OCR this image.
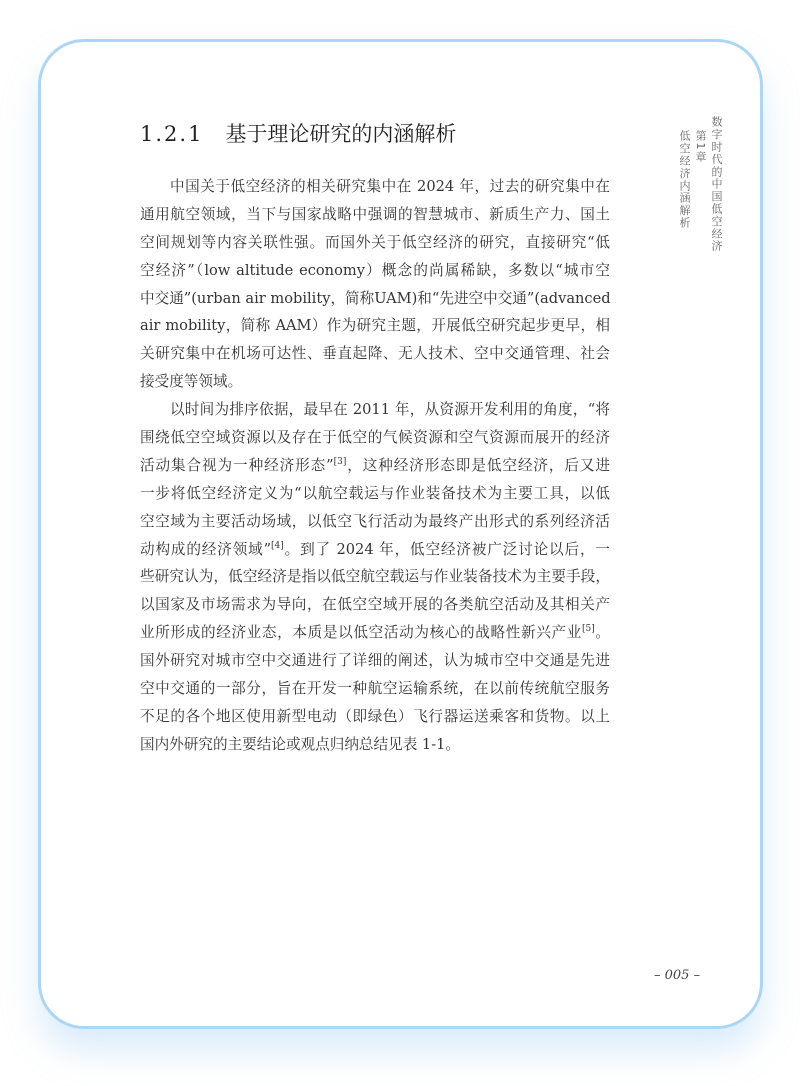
1.2.1 基于理论研究的内涵解析
中国关于低空经济的相关研究集中在 2024 年，过去的研究集中在
通用航空领域，当下与国家战略中强调的智慧城市、新质生产力、国土
空间规划等内容关联性强。而国外关于低空经济的研究，直接研究“低
空经济”（low altitude economy）概念的尚属稀缺，多数以“城市空
中交通”(urban air mobility，简称UAM)和“先进空中交通”(advanced
air mobility，简称 AAM）作为研究主题，开展低空研究起步更早，相
关研究集中在机场可达性、垂直起降、无人技术、空中交通管理、社会
接受度等领域。
以时间为排序依据，最早在 2011 年，从资源开发利用的角度，“将
围绕低空空域资源以及存在于低空的气候资源和空气资源而展开的经济
活动集合视为一种经济形态”[3]，这种经济形态即是低空经济，后又进
一步将低空经济定义为“以航空载运与作业装备技术为主要工具，以低
空空域为主要活动场域，以低空飞行活动为最终产出形式的系列经济活
动构成的经济领域”[4]。到了 2024 年，低空经济被广泛讨论以后，一
些研究认为，低空经济是指以低空航空载运与作业装备技术为主要手段，
以国家及市场需求为导向，在低空空域开展的各类航空活动及其相关产
业所形成的经济业态，本质是以低空活动为核心的战略性新兴产业[5]。
国外研究对城市空中交通进行了详细的阐述，认为城市空中交通是先进
空中交通的一部分，旨在开发一种航空运输系统，在以前传统航空服务
不足的各个地区使用新型电动（即绿色）飞行器运送乘客和货物。以上
国内外研究的主要结论或观点归纳总结见表 1-1。
数字时代的中国低空经济
第1章
低空经济内涵解析
– 005 –
